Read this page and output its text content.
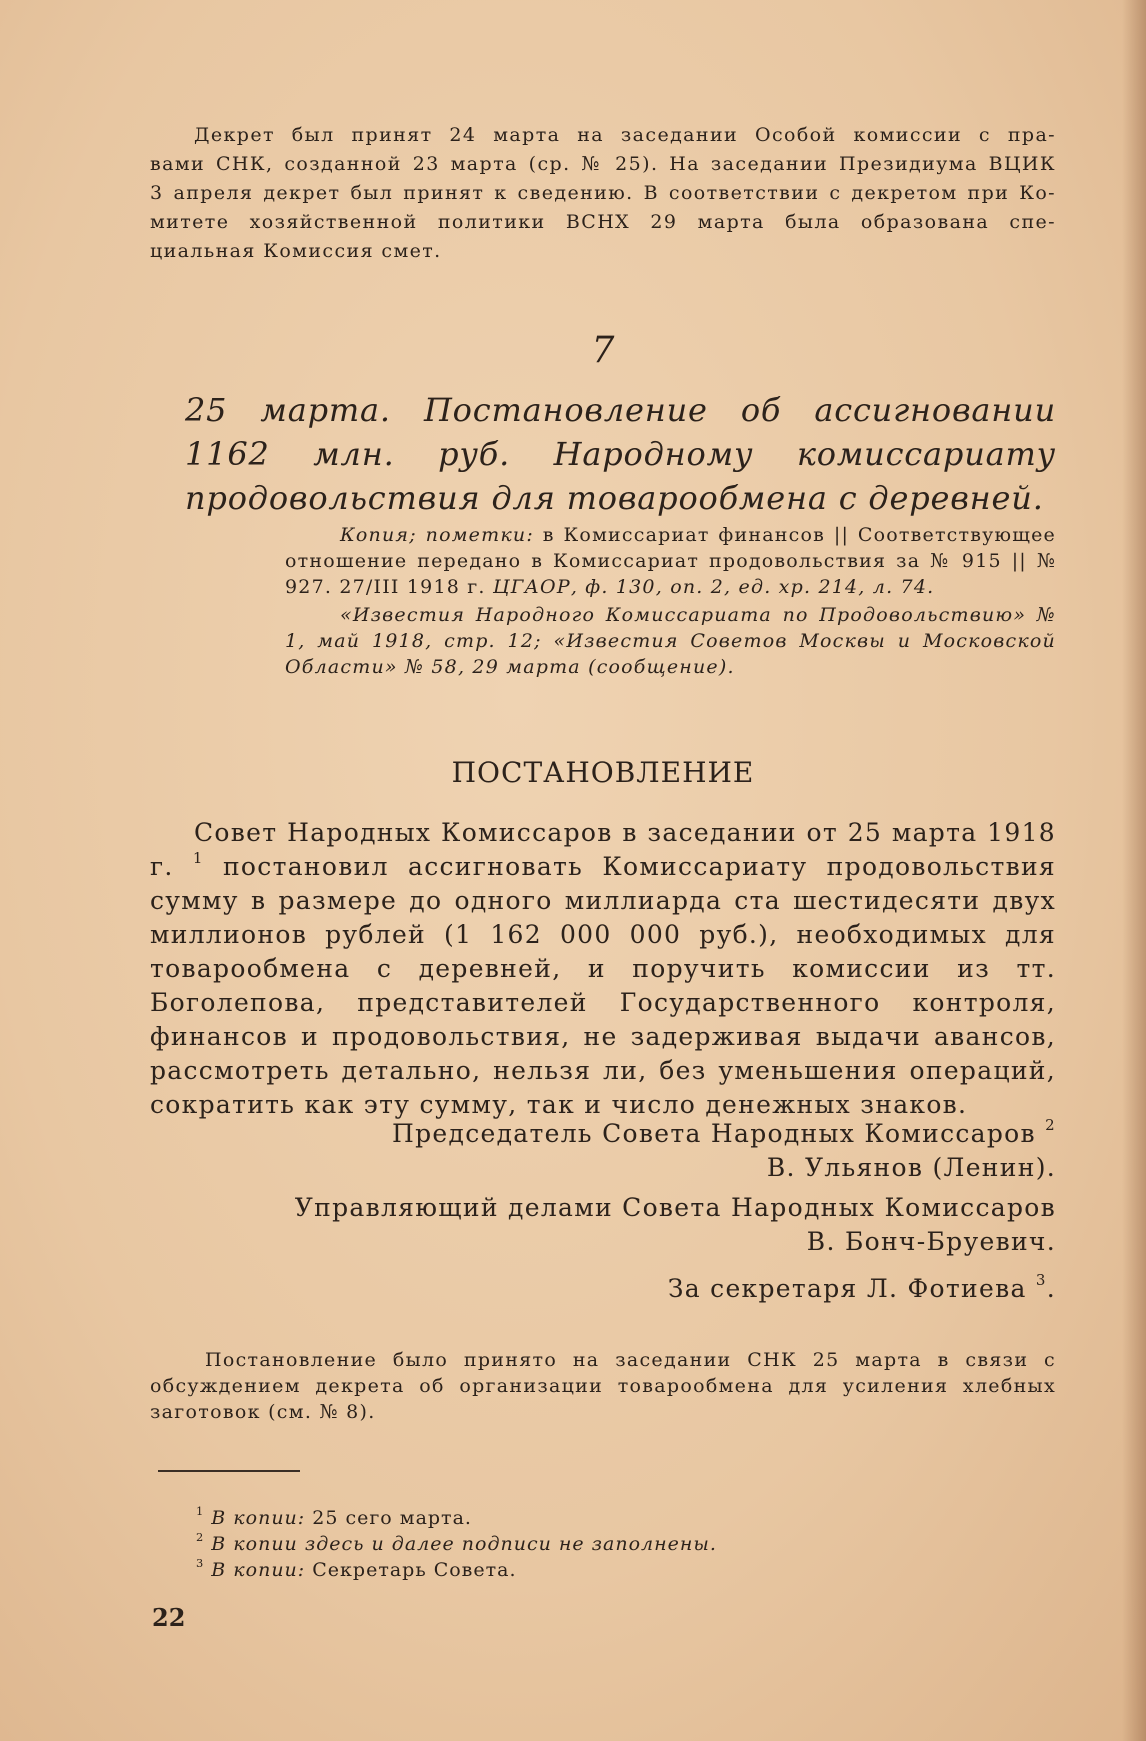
Декрет был принят 24 марта на заседании Особой комиссии с пра-

вами СНК, созданной 23 марта (ср. № 25). На заседании Президиума ВЦИК

3 апреля декрет был принят к сведению. В соответствии с декретом при Ко-

митете хозяйственной политики ВСНХ 29 марта была образована спе-

циальная Комиссия смет.

7
25 марта. Постановление об ассигновании 1162 млн. руб. Народному комиссариату продовольствия для товарообмена с деревней.

Копия; пометки: в Комиссариат финансов || Соответствующее отношение передано в Комиссариат продовольствия за № 915 || № 927. 27/III 1918 г. ЦГАОР, ф. 130, оп. 2, ед. хр. 214, л. 74.

«Известия Народного Комиссариата по Продовольствию» № 1, май 1918, стр. 12; «Известия Советов Москвы и Московской Области» № 58, 29 марта (сообщение).

ПОСТАНОВЛЕНИЕ

Совет Народных Комиссаров в заседании от 25 марта 1918 г. $^1$ постановил ассигновать Комиссариату продовольствия сумму в размере до одного миллиарда ста шестидесяти двух миллионов рублей (1 162 000 000 руб.), необходимых для товарообмена с деревней, и поручить комиссии из тт. Боголепова, представителей Государственного контроля, финансов и продовольствия, не задерживая выдачи авансов, рассмотреть детально, нельзя ли, без уменьшения операций, сократить как эту сумму, так и число денежных знаков.

Председатель Совета Народных Комиссаров $^2$
В. Ульянов (Ленин).
Управляющий делами Совета Народных Комиссаров
В. Бонч-Бруевич.
За секретаря Л. Фотиева $^3$.

Постановление было принято на заседании СНК 25 марта в связи с обсуждением декрета об организации товарообмена для усиления хлебных заготовок (см. № 8).

$^1$ В копии: 25 сего марта.
$^2$ В копии здесь и далее подписи не заполнены.
$^3$ В копии: Секретарь Совета.
22
